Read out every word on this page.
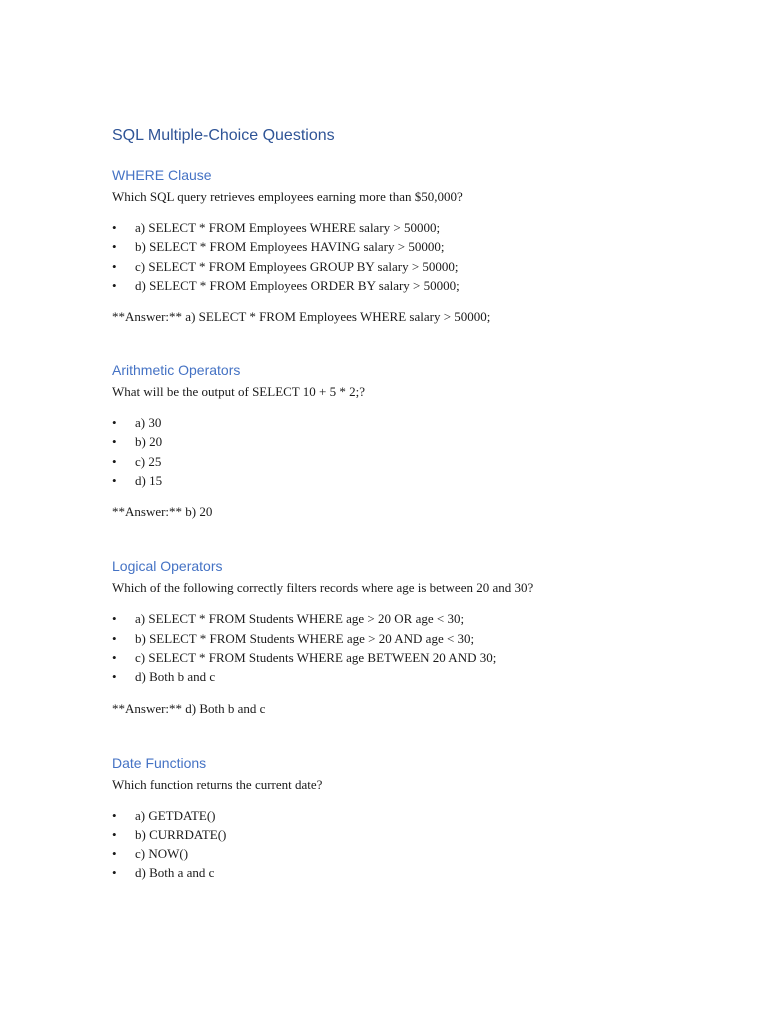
SQL Multiple-Choice Questions
WHERE Clause

Which SQL query retrieves employees earning more than $50,000?

• a) SELECT * FROM Employees WHERE salary > 50000;
• b) SELECT * FROM Employees HAVING salary > 50000;
• c) SELECT * FROM Employees GROUP BY salary > 50000;
• d) SELECT * FROM Employees ORDER BY salary > 50000;

**Answer:** a) SELECT * FROM Employees WHERE salary > 50000;

Arithmetic Operators

What will be the output of SELECT 10 + 5 * 2;?

• a) 30
• b) 20
• c) 25
• d) 15

**Answer:** b) 20

Logical Operators

Which of the following correctly filters records where age is between 20 and 30?

• a) SELECT * FROM Students WHERE age > 20 OR age < 30;
• b) SELECT * FROM Students WHERE age > 20 AND age < 30;
• c) SELECT * FROM Students WHERE age BETWEEN 20 AND 30;
• d) Both b and c

**Answer:** d) Both b and c

Date Functions

Which function returns the current date?

• a) GETDATE()
• b) CURRDATE()
• c) NOW()
• d) Both a and c
